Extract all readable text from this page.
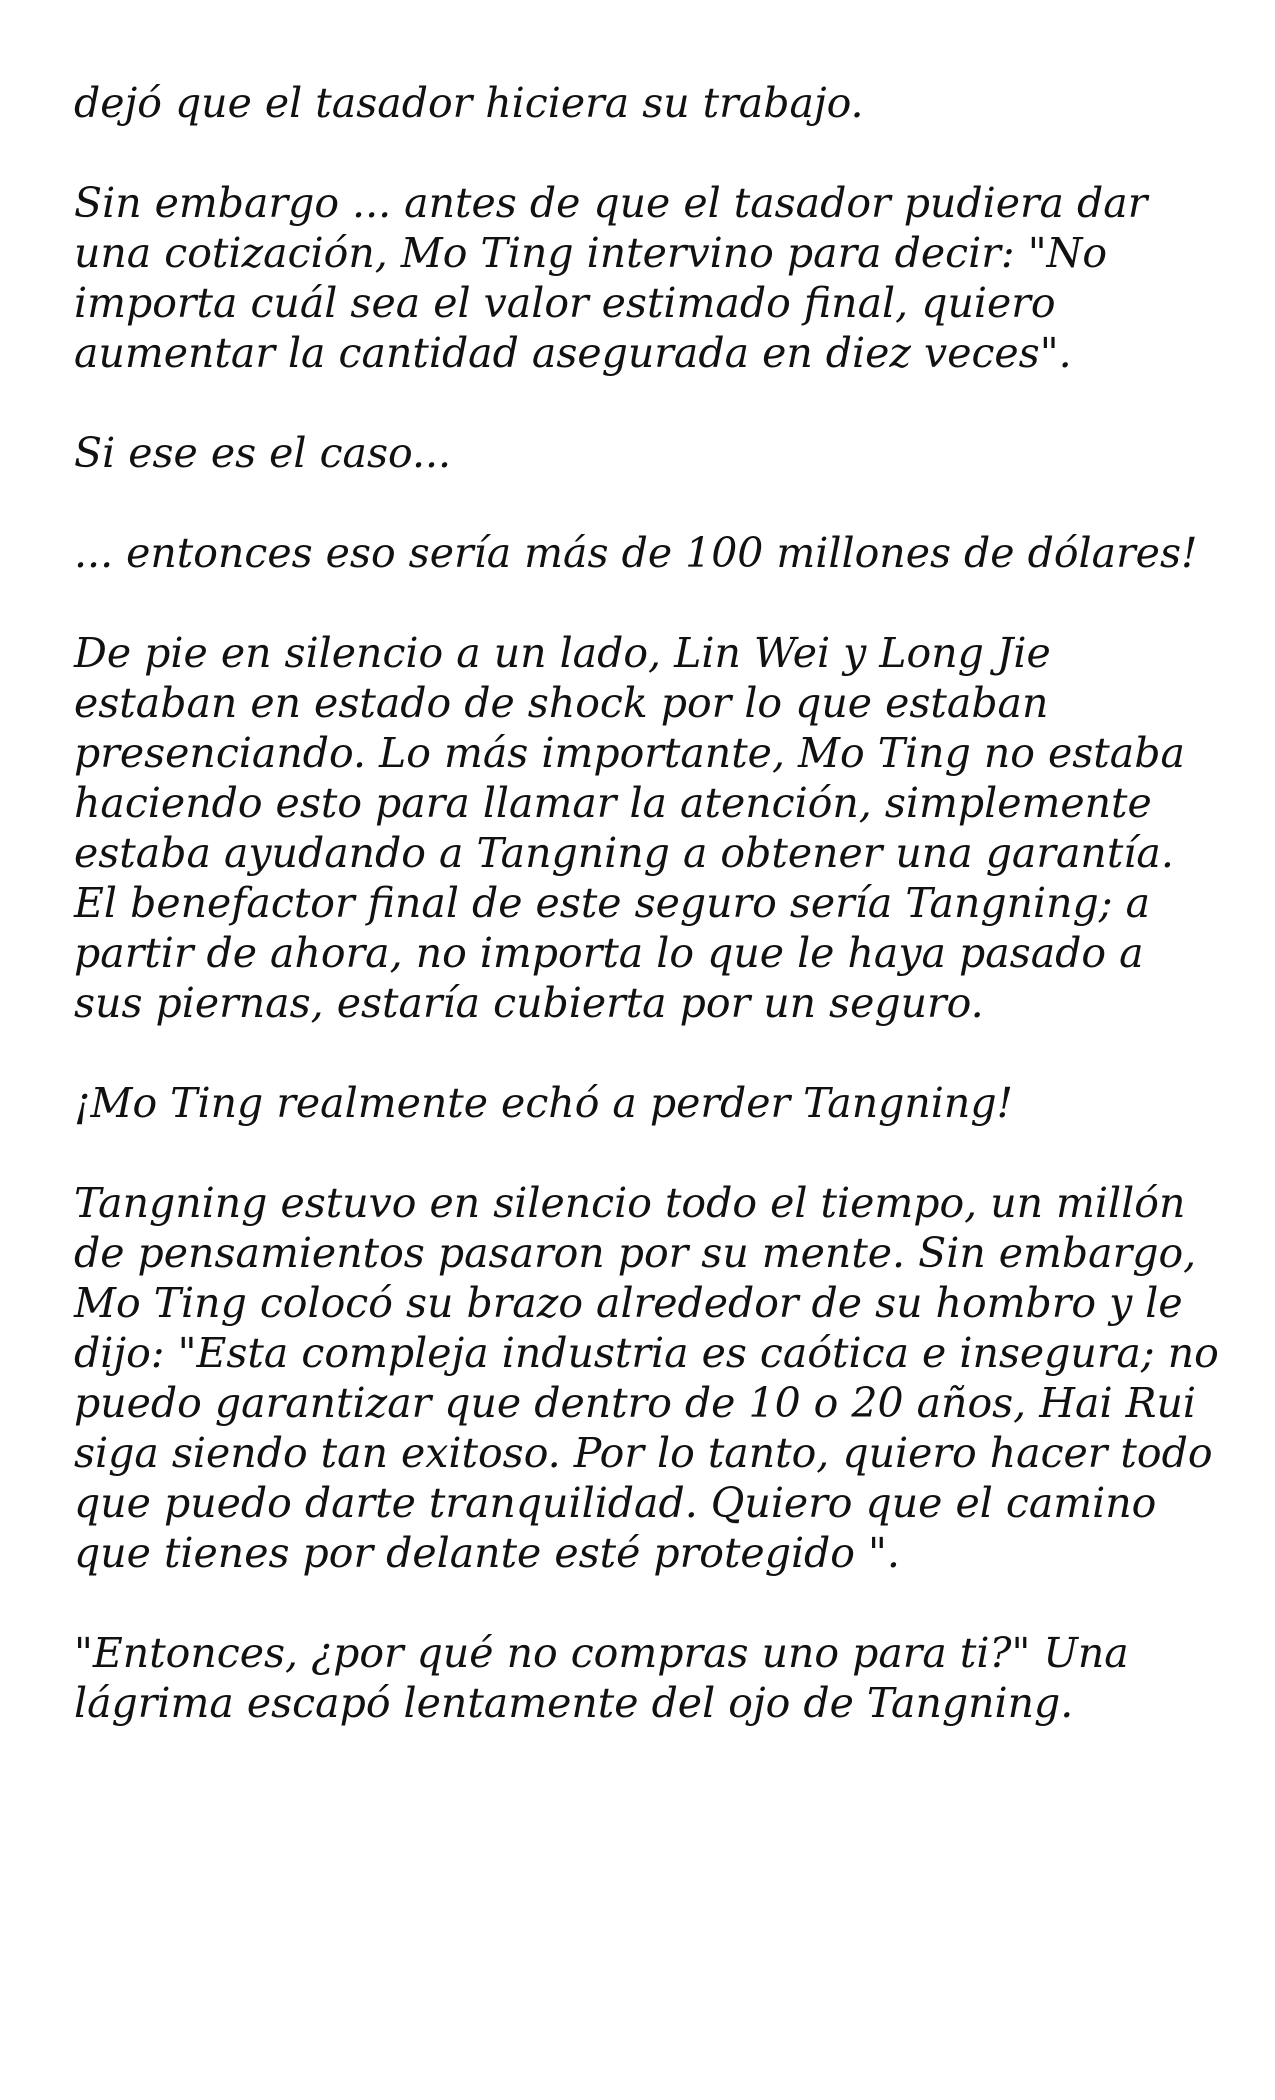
dejó que el tasador hiciera su trabajo.

Sin embargo ... antes de que el tasador pudiera dar una cotización, Mo Ting intervino para decir: "No importa cuál sea el valor estimado final, quiero aumentar la cantidad asegurada en diez veces".

Si ese es el caso...

... entonces eso sería más de 100 millones de dólares!

De pie en silencio a un lado, Lin Wei y Long Jie estaban en estado de shock por lo que estaban presenciando. Lo más importante, Mo Ting no estaba haciendo esto para llamar la atención, simplemente estaba ayudando a Tangning a obtener una garantía. El benefactor final de este seguro sería Tangning; a partir de ahora, no importa lo que le haya pasado a sus piernas, estaría cubierta por un seguro.

¡Mo Ting realmente echó a perder Tangning!

Tangning estuvo en silencio todo el tiempo, un millón de pensamientos pasaron por su mente. Sin embargo, Mo Ting colocó su brazo alrededor de su hombro y le dijo: "Esta compleja industria es caótica e insegura; no puedo garantizar que dentro de 10 o 20 años, Hai Rui siga siendo tan exitoso. Por lo tanto, quiero hacer todo que puedo darte tranquilidad. Quiero que el camino que tienes por delante esté protegido ".

"Entonces, ¿por qué no compras uno para ti?" Una lágrima escapó lentamente del ojo de Tangning.
